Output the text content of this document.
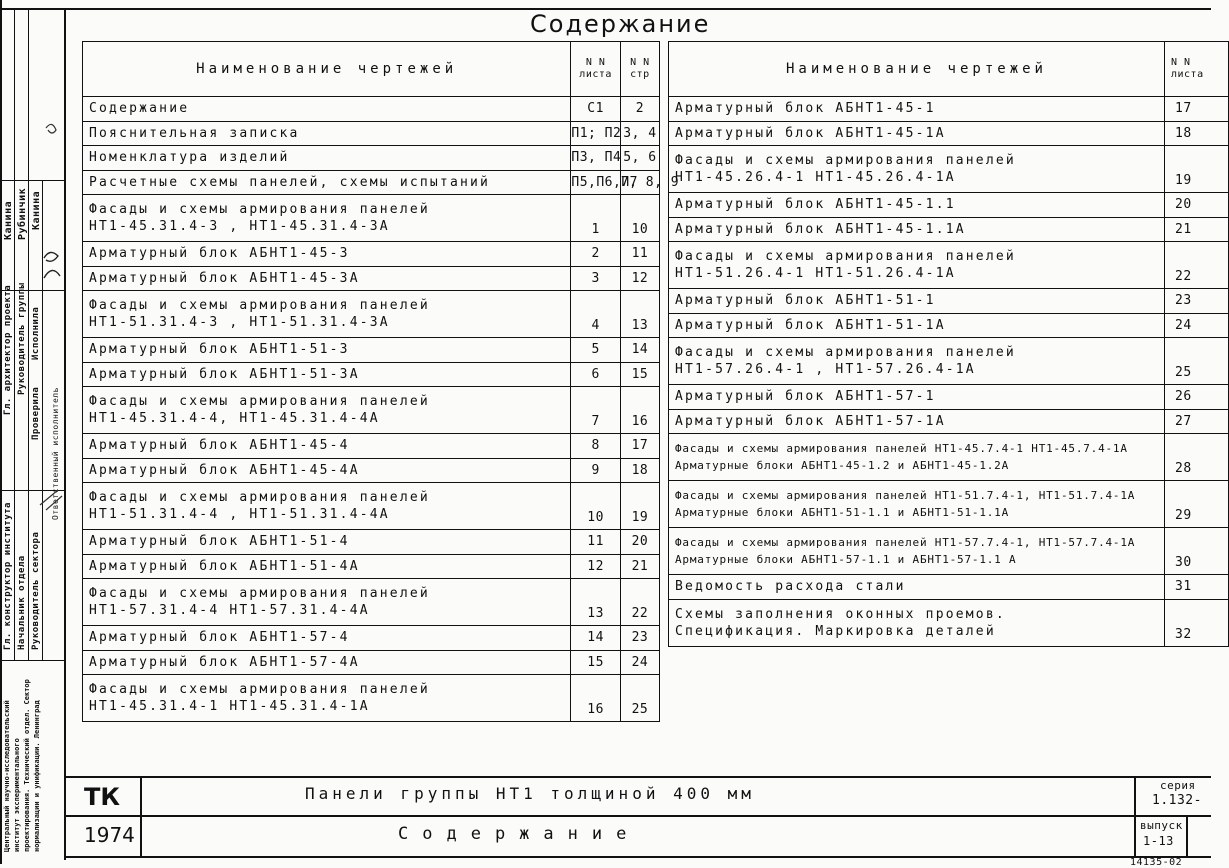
Содержание
Наименование чертежей	N N листа	N N стр

Содержание	С1	2

Пояснительная записка	П1; П2	3, 4

Номенклатура изделий	П3, П4	5, 6

Расчетные схемы панелей, схемы испытаний	П5,П6,П7	7, 8, 9

Фасады и схемы армирования панелей
НТ1-45.31.4-3 , НТ1-45.31.4-3А	1	10

Арматурный блок АБНТ1-45-3	2	11

Арматурный блок АБНТ1-45-3А	3	12

Фасады и схемы армирования панелей
НТ1-51.31.4-3 , НТ1-51.31.4-3А	4	13

Арматурный блок АБНТ1-51-3	5	14

Арматурный блок АБНТ1-51-3А	6	15

Фасады и схемы армирования панелей
НТ1-45.31.4-4, НТ1-45.31.4-4А	7	16

Арматурный блок АБНТ1-45-4	8	17

Арматурный блок АБНТ1-45-4А	9	18

Фасады и схемы армирования панелей
НТ1-51.31.4-4 , НТ1-51.31.4-4А	10	19

Арматурный блок АБНТ1-51-4	11	20

Арматурный блок АБНТ1-51-4А	12	21

Фасады и схемы армирования панелей
НТ1-57.31.4-4 НТ1-57.31.4-4А	13	22

Арматурный блок АБНТ1-57-4	14	23

Арматурный блок АБНТ1-57-4А	15	24

Фасады и схемы армирования панелей
НТ1-45.31.4-1 НТ1-45.31.4-1А	16	25
Наименование чертежей	N N листа

Арматурный блок АБНТ1-45-1	17

Арматурный блок АБНТ1-45-1А	18

Фасады и схемы армирования панелей
НТ1-45.26.4-1 НТ1-45.26.4-1А	19

Арматурный блок АБНТ1-45-1.1	20

Арматурный блок АБНТ1-45-1.1А	21

Фасады и схемы армирования панелей
НТ1-51.26.4-1 НТ1-51.26.4-1А	22

Арматурный блок АБНТ1-51-1	23

Арматурный блок АБНТ1-51-1А	24

Фасады и схемы армирования панелей
НТ1-57.26.4-1 , НТ1-57.26.4-1А	25

Арматурный блок АБНТ1-57-1	26

Арматурный блок АБНТ1-57-1А	27

Фасады и схемы армирования панелей НТ1-45.7.4-1 НТ1-45.7.4-1А
Арматурные блоки АБНТ1-45-1.2 и АБНТ1-45-1.2А	28

Фасады и схемы армирования панелей НТ1-51.7.4-1, НТ1-51.7.4-1А
Арматурные блоки АБНТ1-51-1.1 и АБНТ1-51-1.1А	29

Фасады и схемы армирования панелей НТ1-57.7.4-1, НТ1-57.7.4-1А
Арматурные блоки АБНТ1-57-1.1 и АБНТ1-57-1.1 А	30

Ведомость расхода стали	31

Схемы заполнения оконных проемов.
Спецификация. Маркировка деталей	32
ТК
1974
Панели группы НТ1 толщиной 400 мм
Содержание
серия
1.132-
выпуск
1-13
14135-02
Гл. архитектор проекта Руководитель группы Исполнила
Проверила
Гл. конструктор института Начальник отдела Руководитель сектора
Канина Рубинчик Канина
Ответственный исполнитель
Центральный научно-исследовательский институт экспериментального проектирования. Технический отдел. Сектор нормализации и унификации. Ленинград
